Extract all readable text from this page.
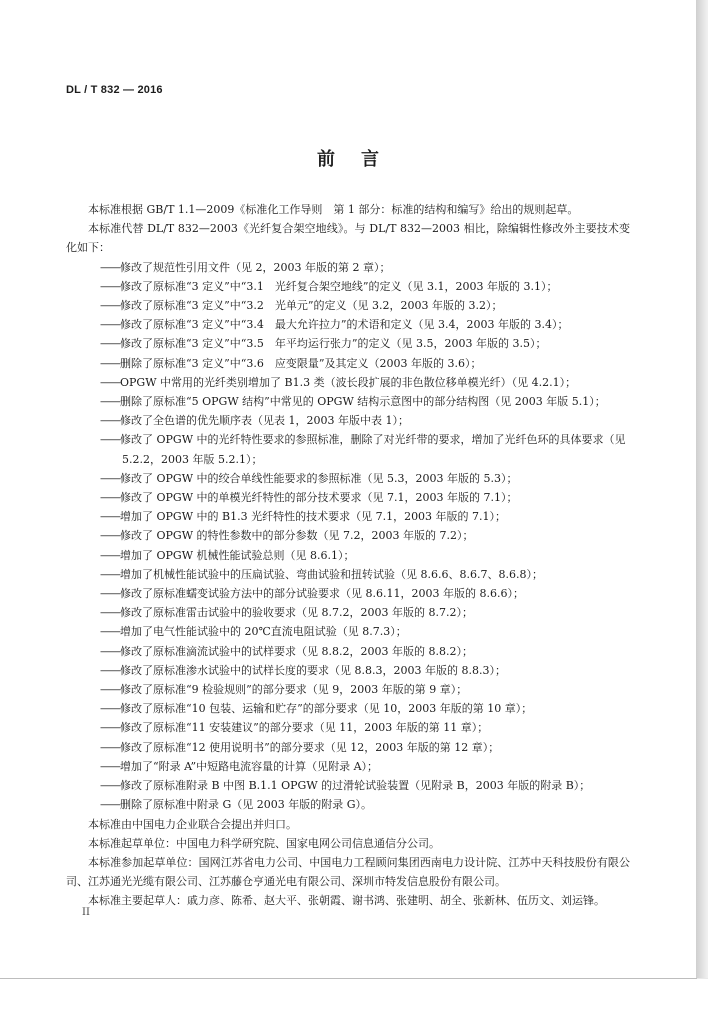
DL / T 832 — 2016
前言

本标准根据 GB/T 1.1—2009《标准化工作导则　第 1 部分：标准的结构和编写》给出的规则起草。

本标准代替 DL/T 832—2003《光纤复合架空地线》。与 DL/T 832—2003 相比，除编辑性修改外主要技术变化如下：

——修改了规范性引用文件（见 2，2003 年版的第 2 章）；

——修改了原标准“3 定义”中“3.1　光纤复合架空地线”的定义（见 3.1，2003 年版的 3.1）；

——修改了原标准“3 定义”中“3.2　光单元”的定义（见 3.2，2003 年版的 3.2）；

——修改了原标准“3 定义”中“3.4　最大允许拉力”的术语和定义（见 3.4，2003 年版的 3.4）；

——修改了原标准“3 定义”中“3.5　年平均运行张力”的定义（见 3.5，2003 年版的 3.5）；

——删除了原标准“3 定义”中“3.6　应变限量”及其定义（2003 年版的 3.6）；

——OPGW 中常用的光纤类别增加了 B1.3 类（波长段扩展的非色散位移单模光纤）（见 4.2.1）；

——删除了原标准“5 OPGW 结构”中常见的 OPGW 结构示意图中的部分结构图（见 2003 年版 5.1）；

——修改了全色谱的优先顺序表（见表 1，2003 年版中表 1）；

——修改了 OPGW 中的光纤特性要求的参照标准，删除了对光纤带的要求，增加了光纤色环的具体要求（见 5.2.2，2003 年版 5.2.1）；

——修改了 OPGW 中的绞合单线性能要求的参照标准（见 5.3，2003 年版的 5.3）；

——修改了 OPGW 中的单模光纤特性的部分技术要求（见 7.1，2003 年版的 7.1）；

——增加了 OPGW 中的 B1.3 光纤特性的技术要求（见 7.1，2003 年版的 7.1）；

——修改了 OPGW 的特性参数中的部分参数（见 7.2，2003 年版的 7.2）；

——增加了 OPGW 机械性能试验总则（见 8.6.1）；

——增加了机械性能试验中的压扁试验、弯曲试验和扭转试验（见 8.6.6、8.6.7、8.6.8）；

——修改了原标准蠕变试验方法中的部分试验要求（见 8.6.11，2003 年版的 8.6.6）；

——修改了原标准雷击试验中的验收要求（见 8.7.2，2003 年版的 8.7.2）；

——增加了电气性能试验中的 20℃直流电阻试验（见 8.7.3）；

——修改了原标准滴流试验中的试样要求（见 8.8.2，2003 年版的 8.8.2）；

——修改了原标准渗水试验中的试样长度的要求（见 8.8.3，2003 年版的 8.8.3）；

——修改了原标准“9 检验规则”的部分要求（见 9，2003 年版的第 9 章）；

——修改了原标准“10 包装、运输和贮存”的部分要求（见 10，2003 年版的第 10 章）；

——修改了原标准“11 安装建议”的部分要求（见 11，2003 年版的第 11 章）；

——修改了原标准“12 使用说明书”的部分要求（见 12，2003 年版的第 12 章）；

——增加了“附录 A”中短路电流容量的计算（见附录 A）；

——修改了原标准附录 B 中图 B.1.1 OPGW 的过滑轮试验装置（见附录 B，2003 年版的附录 B）；

——删除了原标准中附录 G（见 2003 年版的附录 G）。

本标准由中国电力企业联合会提出并归口。

本标准起草单位：中国电力科学研究院、国家电网公司信息通信分公司。

本标准参加起草单位：国网江苏省电力公司、中国电力工程顾问集团西南电力设计院、江苏中天科技股份有限公司、江苏通光光缆有限公司、江苏藤仓亨通光电有限公司、深圳市特发信息股份有限公司。

本标准主要起草人：戚力彦、陈希、赵大平、张朝霞、谢书鸿、张建明、胡全、张新林、伍历文、刘运锋。

II
